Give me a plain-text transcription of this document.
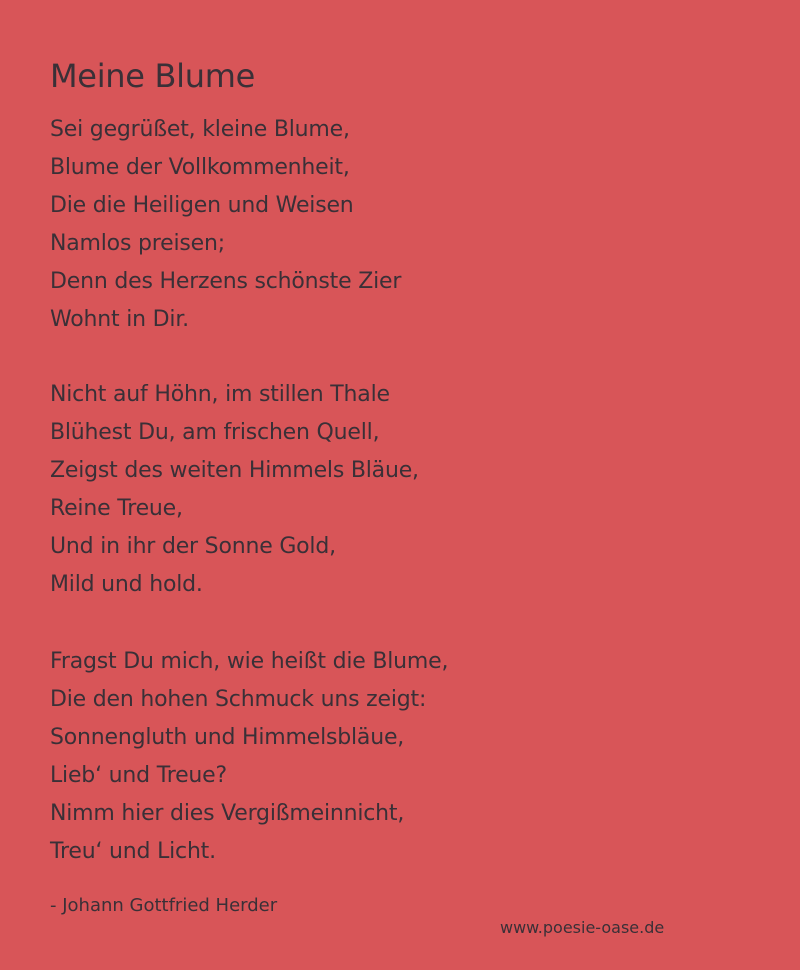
Meine Blume
Sei gegrüßet, kleine Blume,
Blume der Vollkommenheit,
Die die Heiligen und Weisen
Namlos preisen;
Denn des Herzens schönste Zier
Wohnt in Dir.
Nicht auf Höhn, im stillen Thale
Blühest Du, am frischen Quell,
Zeigst des weiten Himmels Bläue,
Reine Treue,
Und in ihr der Sonne Gold,
Mild und hold.
Fragst Du mich, wie heißt die Blume,
Die den hohen Schmuck uns zeigt:
Sonnengluth und Himmelsbläue,
Lieb‘ und Treue?
Nimm hier dies Vergißmeinnicht,
Treu‘ und Licht.

- Johann Gottfried Herder

www.poesie-oase.de
